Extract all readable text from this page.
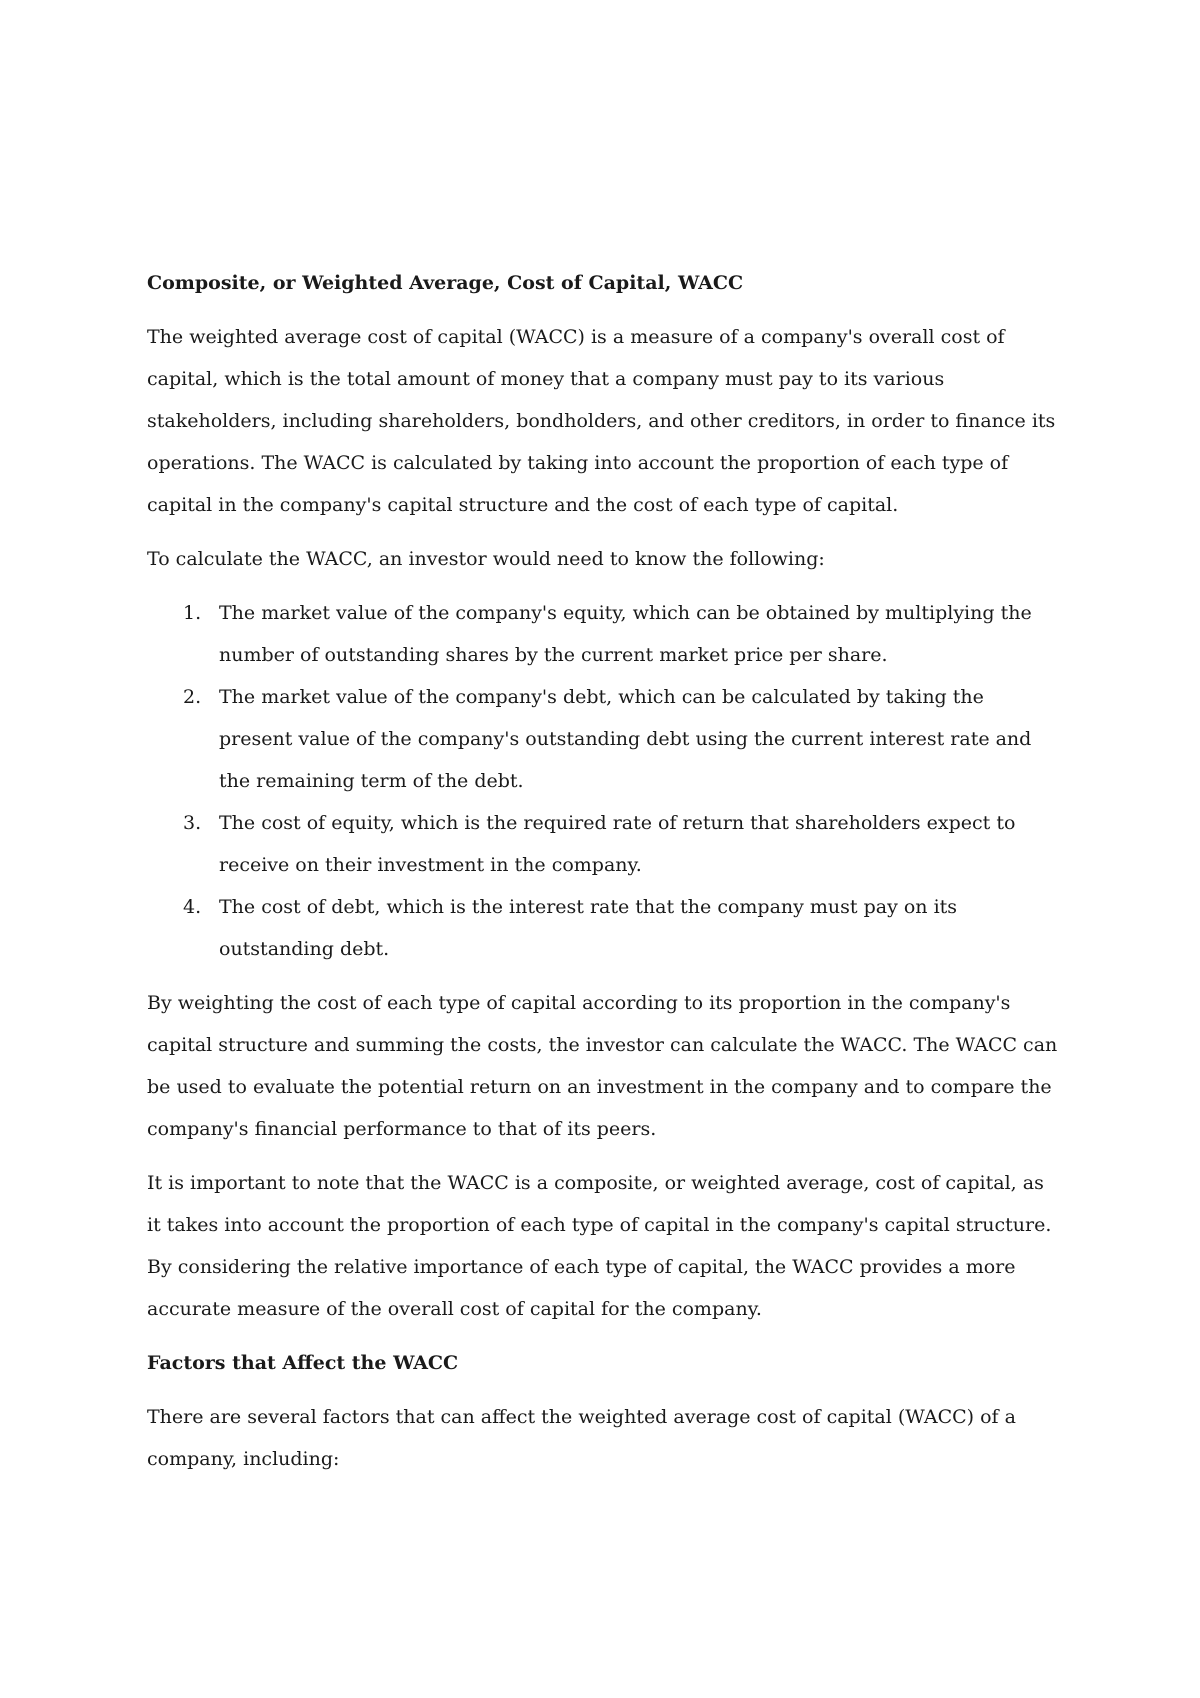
Composite, or Weighted Average, Cost of Capital, WACC

The weighted average cost of capital (WACC) is a measure of a company's overall cost of capital, which is the total amount of money that a company must pay to its various stakeholders, including shareholders, bondholders, and other creditors, in order to finance its operations. The WACC is calculated by taking into account the proportion of each type of capital in the company's capital structure and the cost of each type of capital.

To calculate the WACC, an investor would need to know the following:

1. The market value of the company's equity, which can be obtained by multiplying the number of outstanding shares by the current market price per share.
2. The market value of the company's debt, which can be calculated by taking the present value of the company's outstanding debt using the current interest rate and the remaining term of the debt.
3. The cost of equity, which is the required rate of return that shareholders expect to receive on their investment in the company.
4. The cost of debt, which is the interest rate that the company must pay on its outstanding debt.

By weighting the cost of each type of capital according to its proportion in the company's capital structure and summing the costs, the investor can calculate the WACC. The WACC can be used to evaluate the potential return on an investment in the company and to compare the company's financial performance to that of its peers.

It is important to note that the WACC is a composite, or weighted average, cost of capital, as it takes into account the proportion of each type of capital in the company's capital structure. By considering the relative importance of each type of capital, the WACC provides a more accurate measure of the overall cost of capital for the company.

Factors that Affect the WACC

There are several factors that can affect the weighted average cost of capital (WACC) of a company, including:
